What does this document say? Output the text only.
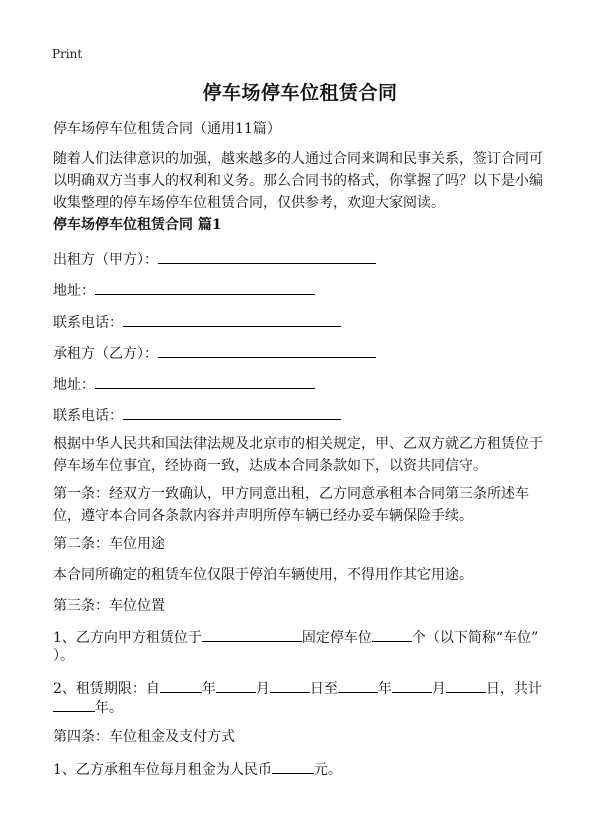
Print
停车场停车位租赁合同
停车场停车位租赁合同（通用11篇）
随着人们法律意识的加强，越来越多的人通过合同来调和民事关系，签订合同可以明确双方当事人的权利和义务。那么合同书的格式，你掌握了吗？以下是小编收集整理的停车场停车位租赁合同，仅供参考，欢迎大家阅读。
停车场停车位租赁合同 篇1
出租方（甲方）：
地址：
联系电话：
承租方（乙方）：
地址：
联系电话：
根据中华人民共和国法律法规及北京市的相关规定，甲、乙双方就乙方租赁位于停车场车位事宜，经协商一致，达成本合同条款如下，以资共同信守。
第一条：经双方一致确认，甲方同意出租，乙方同意承租本合同第三条所述车位，遵守本合同各条款内容并声明所停车辆已经办妥车辆保险手续。
第二条：车位用途
本合同所确定的租赁车位仅限于停泊车辆使用，不得用作其它用途。
第三条：车位位置
1、乙方向甲方租赁位于	固定停车位	个（以下简称“车位”
）。
2、租赁期限：自	年	月	日至	年	月	日，共计
年。
第四条：车位租金及支付方式
1、乙方承租车位每月租金为人民币	元。
